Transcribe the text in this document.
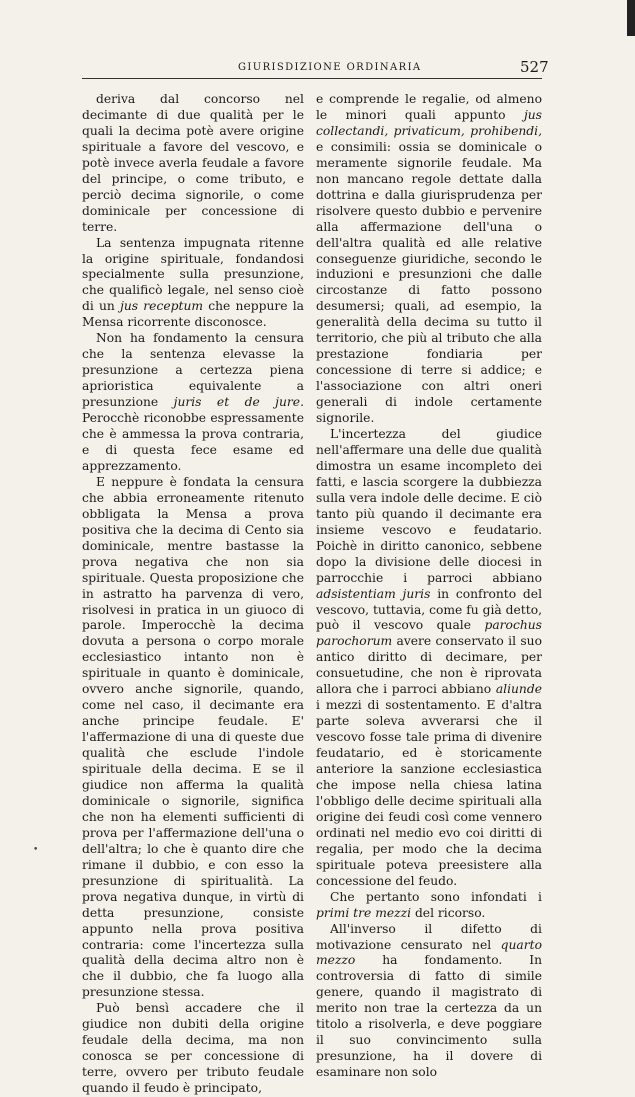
GIURISDIZIONE ORDINARIA	527

deriva dal concorso nel decimante di due qualità per le quali la decima potè avere origine spirituale a favore del vescovo, e potè invece averla feudale a favore del principe, o come tributo, e perciò decima signorile, o come dominicale per concessione di terre.

La sentenza impugnata ritenne la origine spirituale, fondandosi specialmente sulla presunzione, che qualificò legale, nel senso cioè di un jus receptum che neppure la Mensa ricorrente disconosce.

Non ha fondamento la censura che la sentenza elevasse la presunzione a certezza piena aprioristica equivalente a presunzione juris et de jure. Perocchè riconobbe espressamente che è ammessa la prova contraria, e di questa fece esame ed apprezzamento.

E neppure è fondata la censura che abbia erroneamente ritenuto obbligata la Mensa a prova positiva che la decima di Cento sia dominicale, mentre bastasse la prova negativa che non sia spirituale. Questa proposizione che in astratto ha parvenza di vero, risolvesi in pratica in un giuoco di parole. Imperocchè la decima dovuta a persona o corpo morale ecclesiastico intanto non è spirituale in quanto è dominicale, ovvero anche signorile, quando, come nel caso, il decimante era anche principe feudale. E' l'affermazione di una di queste due qualità che esclude l'indole spirituale della decima. E se il giudice non afferma la qualità dominicale o signorile, significa che non ha elementi sufficienti di prova per l'affermazione dell'una o dell'altra; lo che è quanto dire che rimane il dubbio, e con esso la presunzione di spiritualità. La prova negativa dunque, in virtù di detta presunzione, consiste appunto nella prova positiva contraria: come l'incertezza sulla qualità della decima altro non è che il dubbio, che fa luogo alla presunzione stessa.

Può bensì accadere che il giudice non dubiti della origine feudale della decima, ma non conosca se per concessione di terre, ovvero per tributo feudale quando il feudo è principato,

e comprende le regalie, od almeno le minori quali appunto jus collectandi, privaticum, prohibendi, e consimili: ossia se dominicale o meramente signorile feudale. Ma non mancano regole dettate dalla dottrina e dalla giurisprudenza per risolvere questo dubbio e pervenire alla affermazione dell'una o dell'altra qualità ed alle relative conseguenze giuridiche, secondo le induzioni e presunzioni che dalle circostanze di fatto possono desumersi; quali, ad esempio, la generalità della decima su tutto il territorio, che più al tributo che alla prestazione fondiaria per concessione di terre si addice; e l'associazione con altri oneri generali di indole certamente signorile.

L'incertezza del giudice nell'affermare una delle due qualità dimostra un esame incompleto dei fatti, e lascia scorgere la dubbiezza sulla vera indole delle decime. E ciò tanto più quando il decimante era insieme vescovo e feudatario. Poichè in diritto canonico, sebbene dopo la divisione delle diocesi in parrocchie i parroci abbiano adsistentiam juris in confronto del vescovo, tuttavia, come fu già detto, può il vescovo quale parochus parochorum avere conservato il suo antico diritto di decimare, per consuetudine, che non è riprovata allora che i parroci abbiano aliunde i mezzi di sostentamento. E d'altra parte soleva avverarsi che il vescovo fosse tale prima di divenire feudatario, ed è storicamente anteriore la sanzione ecclesiastica che impose nella chiesa latina l'obbligo delle decime spirituali alla origine dei feudi così come vennero ordinati nel medio evo coi diritti di regalia, per modo che la decima spirituale poteva preesistere alla concessione del feudo.

Che pertanto sono infondati i primi tre mezzi del ricorso.

All'inverso il difetto di motivazione censurato nel quarto mezzo ha fondamento. In controversia di fatto di simile genere, quando il magistrato di merito non trae la certezza da un titolo a risolverla, e deve poggiare il suo convincimento sulla presunzione, ha il dovere di esaminare non solo

•
